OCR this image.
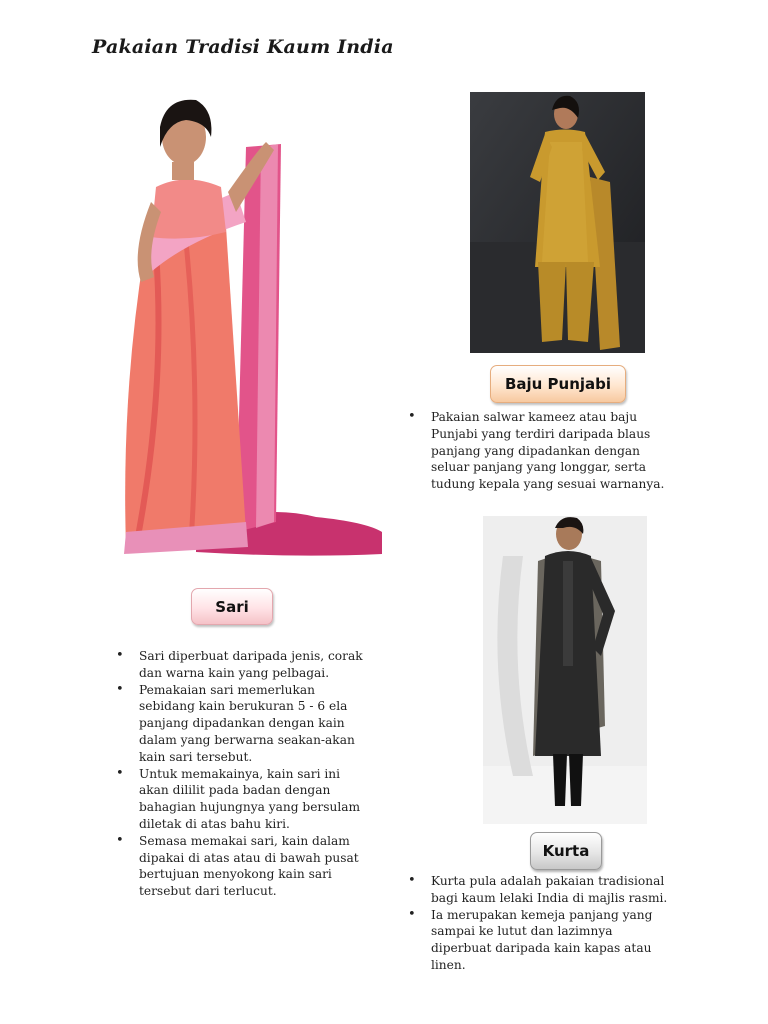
Pakaian Tradisi Kaum India
Sari
• Sari diperbuat daripada jenis, corak dan warna kain yang pelbagai.
• Pemakaian sari memerlukan sebidang kain berukuran 5 - 6 ela panjang dipadankan dengan kain dalam yang berwarna seakan-akan kain sari tersebut.
• Untuk memakainya, kain sari ini akan dililit pada badan dengan bahagian hujungnya yang bersulam diletak di atas bahu kiri.
• Semasa memakai sari, kain dalam dipakai di atas atau di bawah pusat bertujuan menyokong kain sari tersebut dari terlucut.
Baju Punjabi
• Pakaian salwar kameez atau baju Punjabi yang terdiri daripada blaus panjang yang dipadankan dengan seluar panjang yang longgar, serta tudung kepala yang sesuai warnanya.
Kurta
• Kurta pula adalah pakaian tradisional bagi kaum lelaki India di majlis rasmi.
• Ia merupakan kemeja panjang yang sampai ke lutut dan lazimnya diperbuat daripada kain kapas atau linen.
